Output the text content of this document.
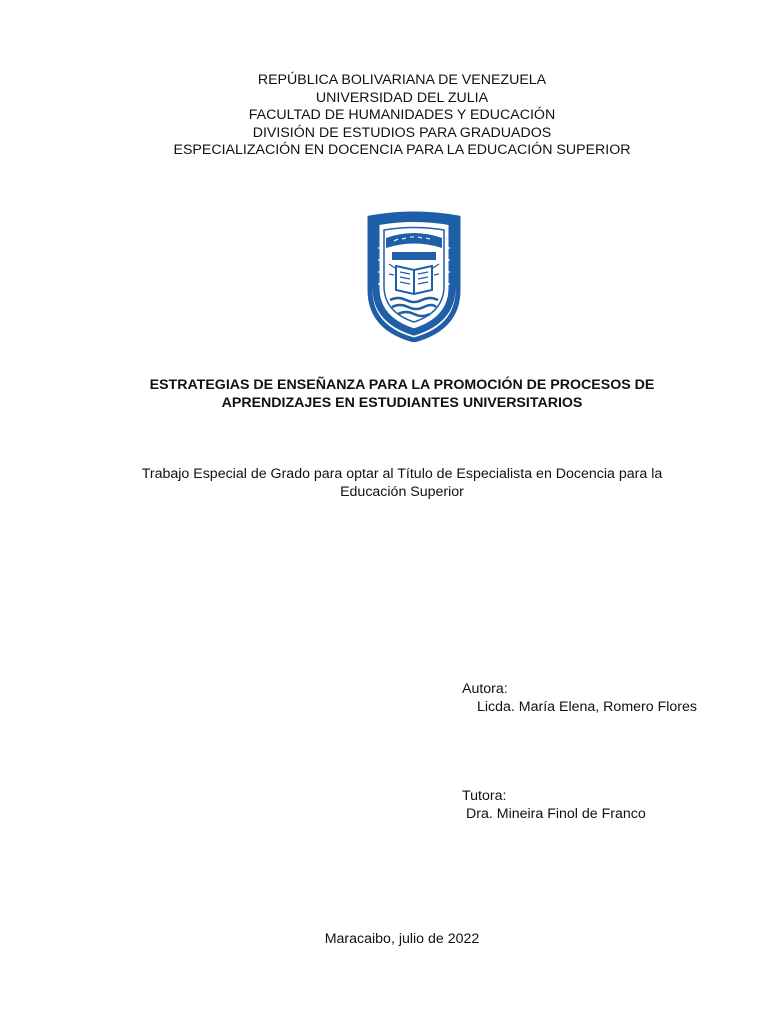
REPÚBLICA BOLIVARIANA DE VENEZUELA
UNIVERSIDAD DEL ZULIA
FACULTAD DE HUMANIDADES Y EDUCACIÓN
DIVISIÓN DE ESTUDIOS PARA GRADUADOS
ESPECIALIZACIÓN EN DOCENCIA PARA LA EDUCACIÓN SUPERIOR
ESTRATEGIAS DE ENSEÑANZA PARA LA PROMOCIÓN DE PROCESOS DE
APRENDIZAJES EN ESTUDIANTES UNIVERSITARIOS
Trabajo Especial de Grado para optar al Título de Especialista en Docencia para la
Educación Superior
Autora:
Licda. María Elena, Romero Flores
Tutora:
Dra. Mineira Finol de Franco
Maracaibo, julio de 2022
